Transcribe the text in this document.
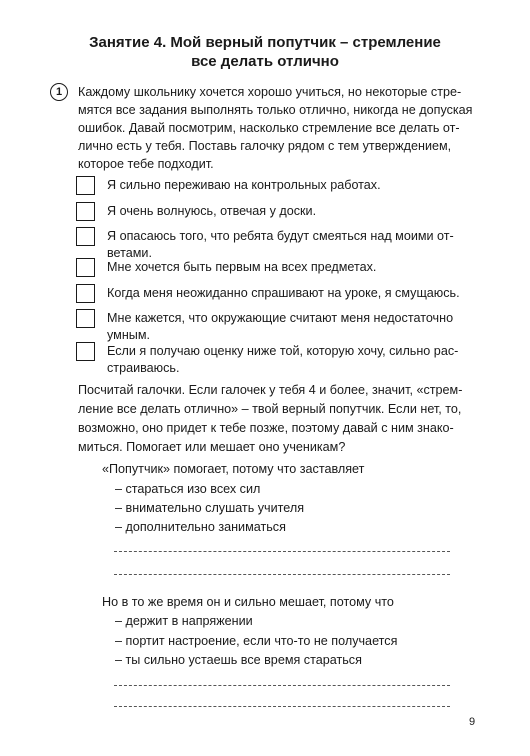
Занятие 4. Мой верный попутчик – стремление
все делать отлично
1	Каждому школьнику хочется хорошо учиться, но некоторые стре-мятся все задания выполнять только отлично, никогда не допуская ошибок. Давай посмотрим, насколько стремление все делать от-лично есть у тебя. Поставь галочку рядом с тем утверждением, которое тебе подходит.
Я сильно переживаю на контрольных работах.
Я очень волнуюсь, отвечая у доски.
Я опасаюсь того, что ребята будут смеяться над моими от-ветами.
Мне хочется быть первым на всех предметах.
Когда меня неожиданно спрашивают на уроке, я смущаюсь.
Мне кажется, что окружающие считают меня недостаточно умным.
Если я получаю оценку ниже той, которую хочу, сильно рас-страиваюсь.
Посчитай галочки. Если галочек у тебя 4 и более, значит, «стрем-ление все делать отлично» – твой верный попутчик. Если нет, то, возможно, оно придет к тебе позже, поэтому давай с ним знако-миться. Помогает или мешает оно ученикам?
«Попутчик» помогает, потому что заставляет
– стараться изо всех сил
– внимательно слушать учителя
– дополнительно заниматься
Но в то же время он и сильно мешает, потому что
– держит в напряжении
– портит настроение, если что-то не получается
– ты сильно устаешь все время стараться
9
